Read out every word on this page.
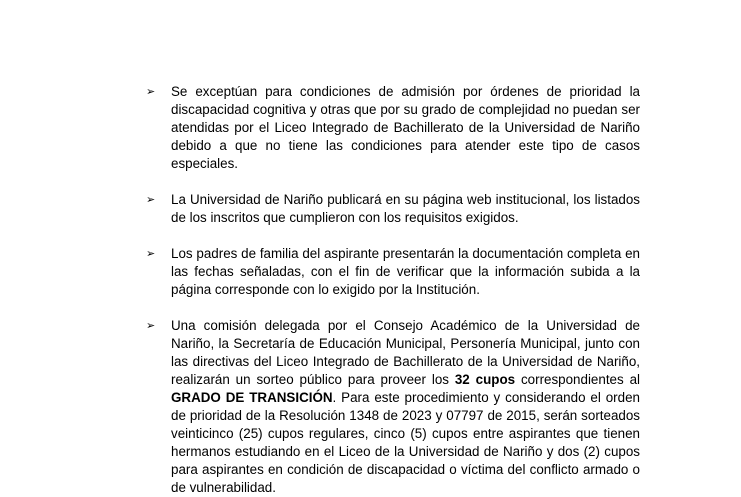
➢	Se exceptúan para condiciones de admisión por órdenes de prioridad la discapacidad cognitiva y otras que por su grado de complejidad no puedan ser atendidas por el Liceo Integrado de Bachillerato de la Universidad de Nariño debido a que no tiene las condiciones para atender este tipo de casos especiales.
➢	La Universidad de Nariño publicará en su página web institucional, los listados de los inscritos que cumplieron con los requisitos exigidos.
➢	Los padres de familia del aspirante presentarán la documentación completa en las fechas señaladas, con el fin de verificar que la información subida a la página corresponde con lo exigido por la Institución.
➢	Una comisión delegada por el Consejo Académico de la Universidad de Nariño, la Secretaría de Educación Municipal, Personería Municipal, junto con las directivas del Liceo Integrado de Bachillerato de la Universidad de Nariño, realizarán un sorteo público para proveer los 32 cupos correspondientes al GRADO DE TRANSICIÓN. Para este procedimiento y considerando el orden de prioridad de la Resolución 1348 de 2023 y 07797 de 2015, serán sorteados veinticinco (25) cupos regulares, cinco (5) cupos entre aspirantes que tienen hermanos estudiando en el Liceo de la Universidad de Nariño y dos (2) cupos para aspirantes en condición de discapacidad o víctima del conflicto armado o de vulnerabilidad.
